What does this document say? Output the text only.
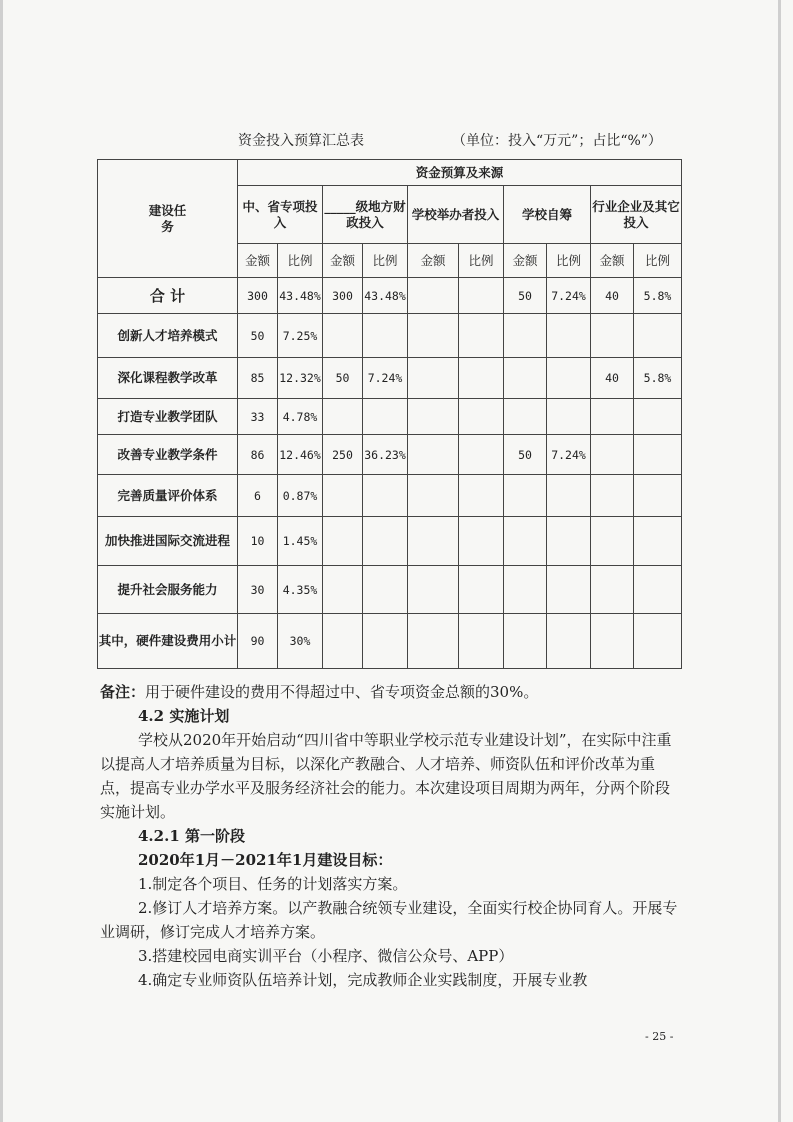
资金投入预算汇总表	（单位：投入“万元”；占比“%”）
建设任务	资金预算及来源									
	中、省专项投入		_____级地方财政投入		学校举办者投入		学校自筹		行业企业及其它投入	
	金额	比例	金额	比例	金额	比例	金额	比例	金额	比例
合 计	300	43.48%	300	43.48%			50	7.24%	40	5.8%
创新人才培养模式	50	7.25%								
深化课程教学改革	85	12.32%	50	7.24%					40	5.8%
打造专业教学团队	33	4.78%								
改善专业教学条件	86	12.46%	250	36.23%			50	7.24%		
完善质量评价体系	6	0.87%								
加快推进国际交流进程	10	1.45%								
提升社会服务能力	30	4.35%								
其中，硬件建设费用小计	90	30%								
备注：用于硬件建设的费用不得超过中、省专项资金总额的30%。
4.2 实施计划
学校从2020年开始启动“四川省中等职业学校示范专业建设计划”，在实际中注重以提高人才培养质量为目标，以深化产教融合、人才培养、师资队伍和评价改革为重点，提高专业办学水平及服务经济社会的能力。本次建设项目周期为两年，分两个阶段实施计划。
4.2.1 第一阶段
2020年1月－2021年1月建设目标：
1.制定各个项目、任务的计划落实方案。
2.修订人才培养方案。以产教融合统领专业建设，全面实行校企协同育人。开展专业调研，修订完成人才培养方案。
3.搭建校园电商实训平台（小程序、微信公众号、APP）
4.确定专业师资队伍培养计划，完成教师企业实践制度，开展专业教
- 25 -
